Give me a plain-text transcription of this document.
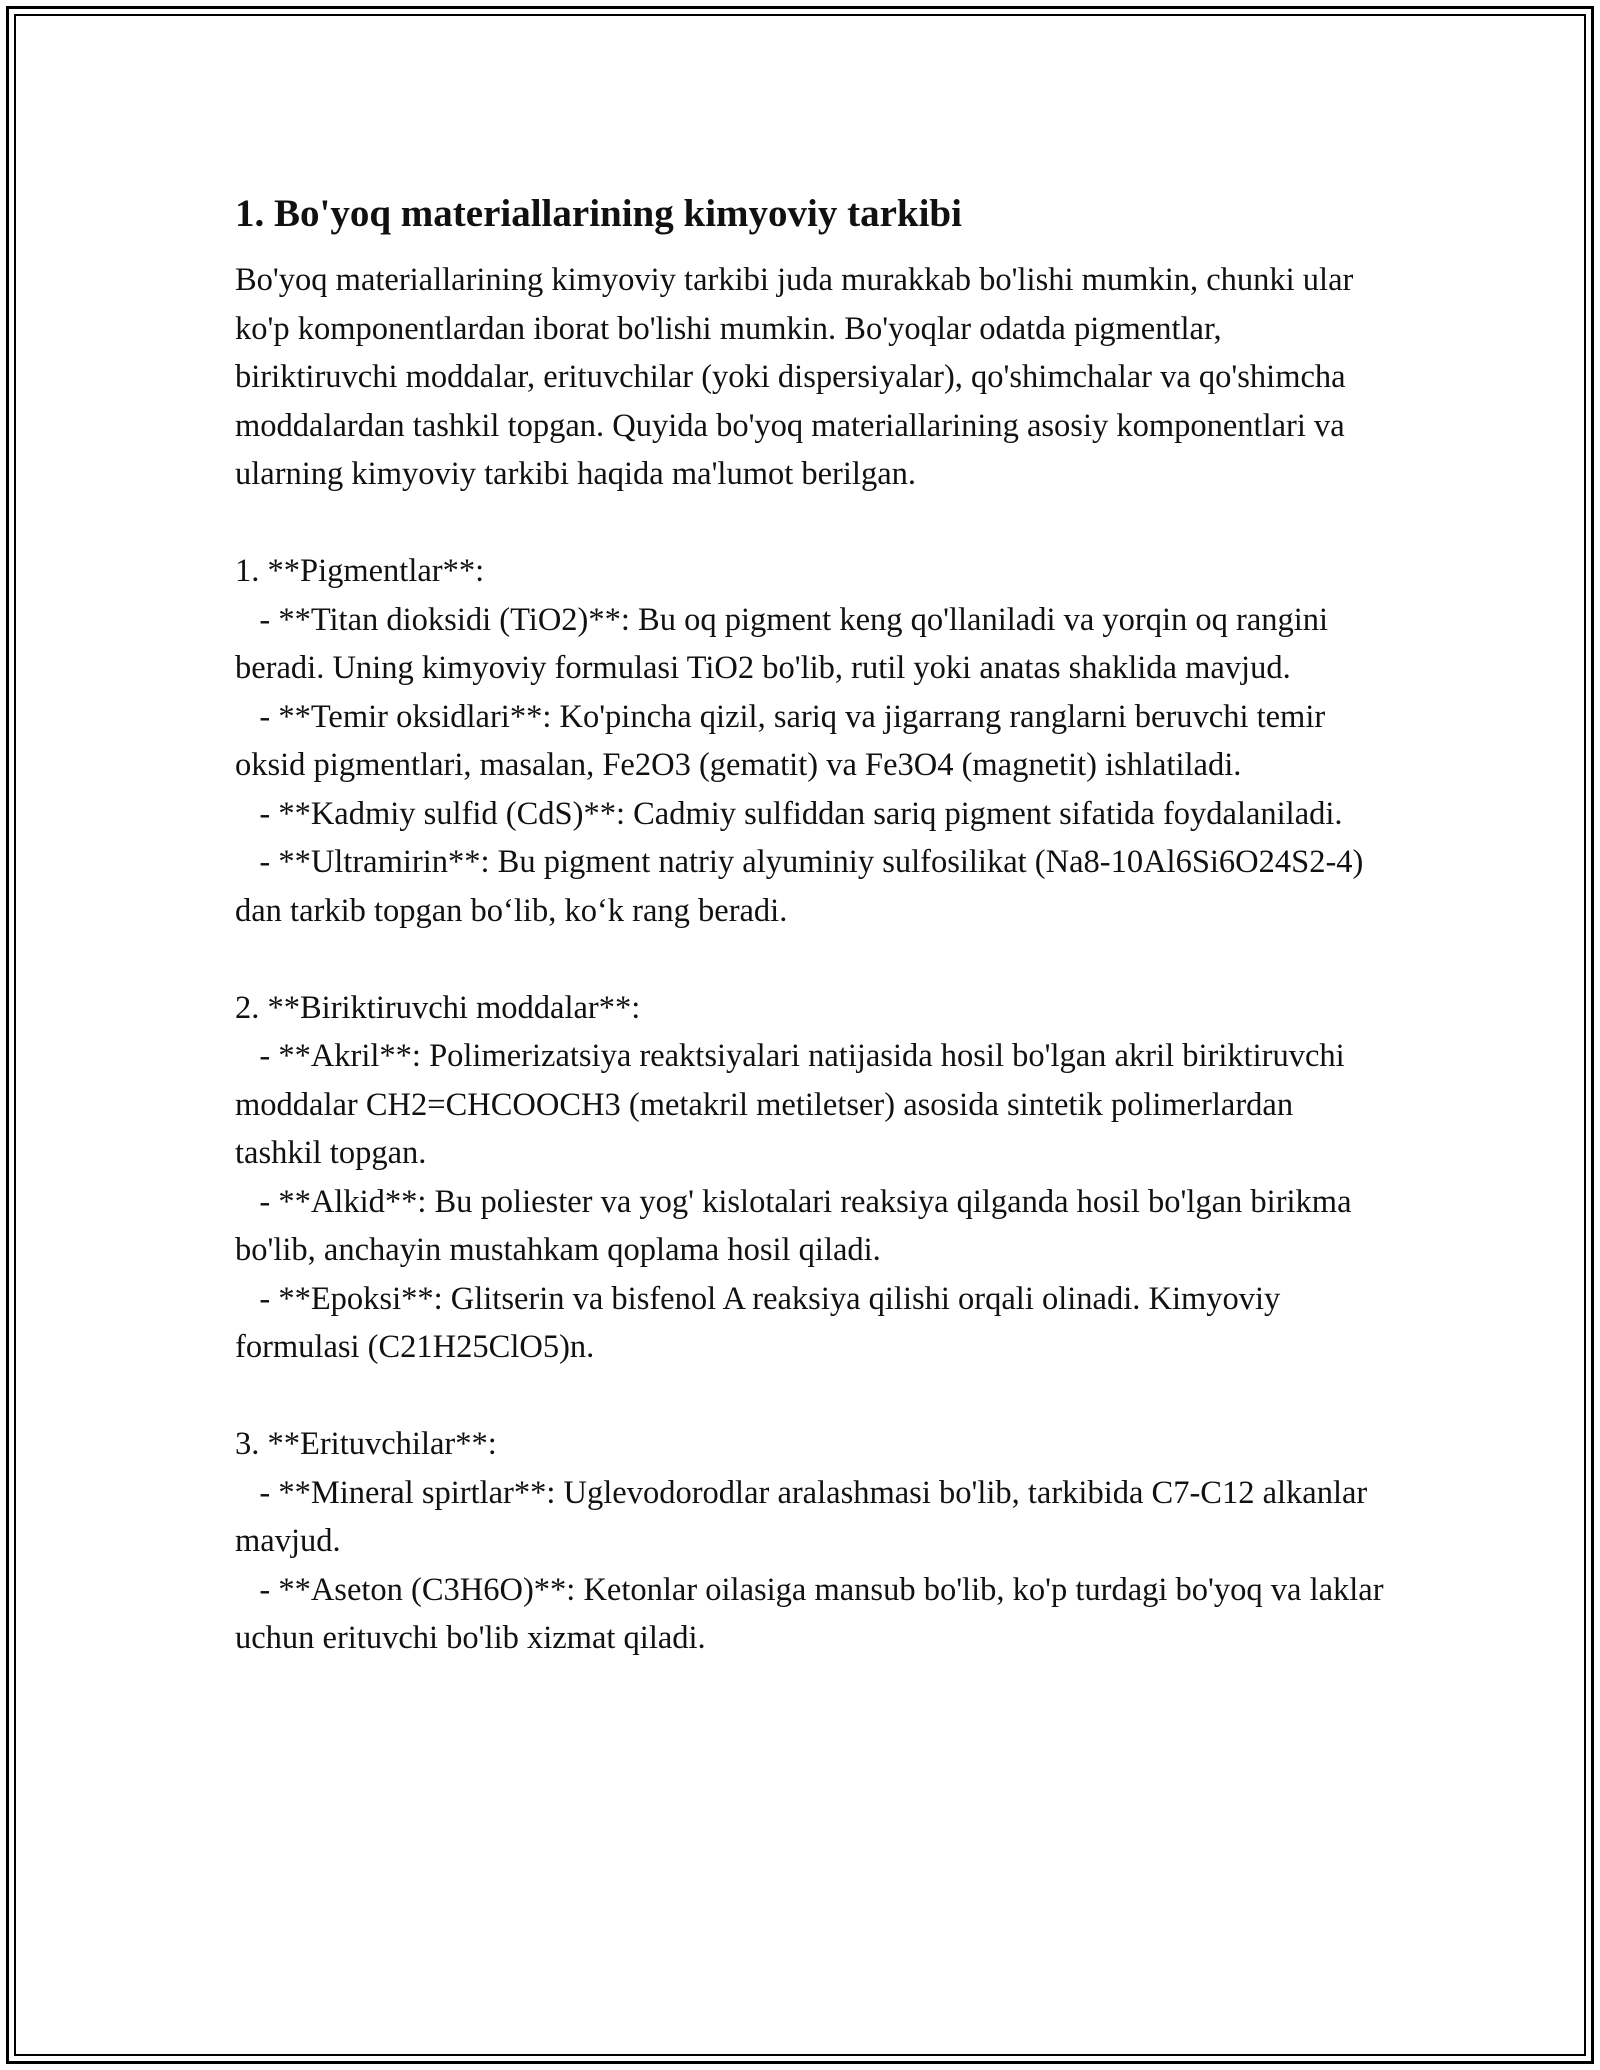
1. Bo'yoq materiallarining kimyoviy tarkibi

Bo'yoq materiallarining kimyoviy tarkibi juda murakkab bo'lishi mumkin, chunki ular ko'p komponentlardan iborat bo'lishi mumkin. Bo'yoqlar odatda pigmentlar, biriktiruvchi moddalar, erituvchilar (yoki dispersiyalar), qo'shimchalar va qo'shimcha moddalardan tashkil topgan. Quyida bo'yoq materiallarining asosiy komponentlari va ularning kimyoviy tarkibi haqida ma'lumot berilgan.

1. **Pigmentlar**:
- **Titan dioksidi (TiO2)**: Bu oq pigment keng qo'llaniladi va yorqin oq rangini beradi. Uning kimyoviy formulasi TiO2 bo'lib, rutil yoki anatas shaklida mavjud.
- **Temir oksidlari**: Ko'pincha qizil, sariq va jigarrang ranglarni beruvchi temir oksid pigmentlari, masalan, Fe2O3 (gematit) va Fe3O4 (magnetit) ishlatiladi.
- **Kadmiy sulfid (CdS)**: Cadmiy sulfiddan sariq pigment sifatida foydalaniladi.
- **Ultramirin**: Bu pigment natriy alyuminiy sulfosilikat (Na8-10Al6Si6O24S2-4) dan tarkib topgan bo‘lib, ko‘k rang beradi.
2. **Biriktiruvchi moddalar**:
- **Akril**: Polimerizatsiya reaktsiyalari natijasida hosil bo'lgan akril biriktiruvchi moddalar CH2=CHCOOCH3 (metakril metiletser) asosida sintetik polimerlardan tashkil topgan.
- **Alkid**: Bu poliester va yog' kislotalari reaksiya qilganda hosil bo'lgan birikma bo'lib, anchayin mustahkam qoplama hosil qiladi.
- **Epoksi**: Glitserin va bisfenol A reaksiya qilishi orqali olinadi. Kimyoviy formulasi (C21H25ClO5)n.
3. **Erituvchilar**:
- **Mineral spirtlar**: Uglevodorodlar aralashmasi bo'lib, tarkibida C7-C12 alkanlar mavjud.
- **Aseton (C3H6O)**: Ketonlar oilasiga mansub bo'lib, ko'p turdagi bo'yoq va laklar uchun erituvchi bo'lib xizmat qiladi.
